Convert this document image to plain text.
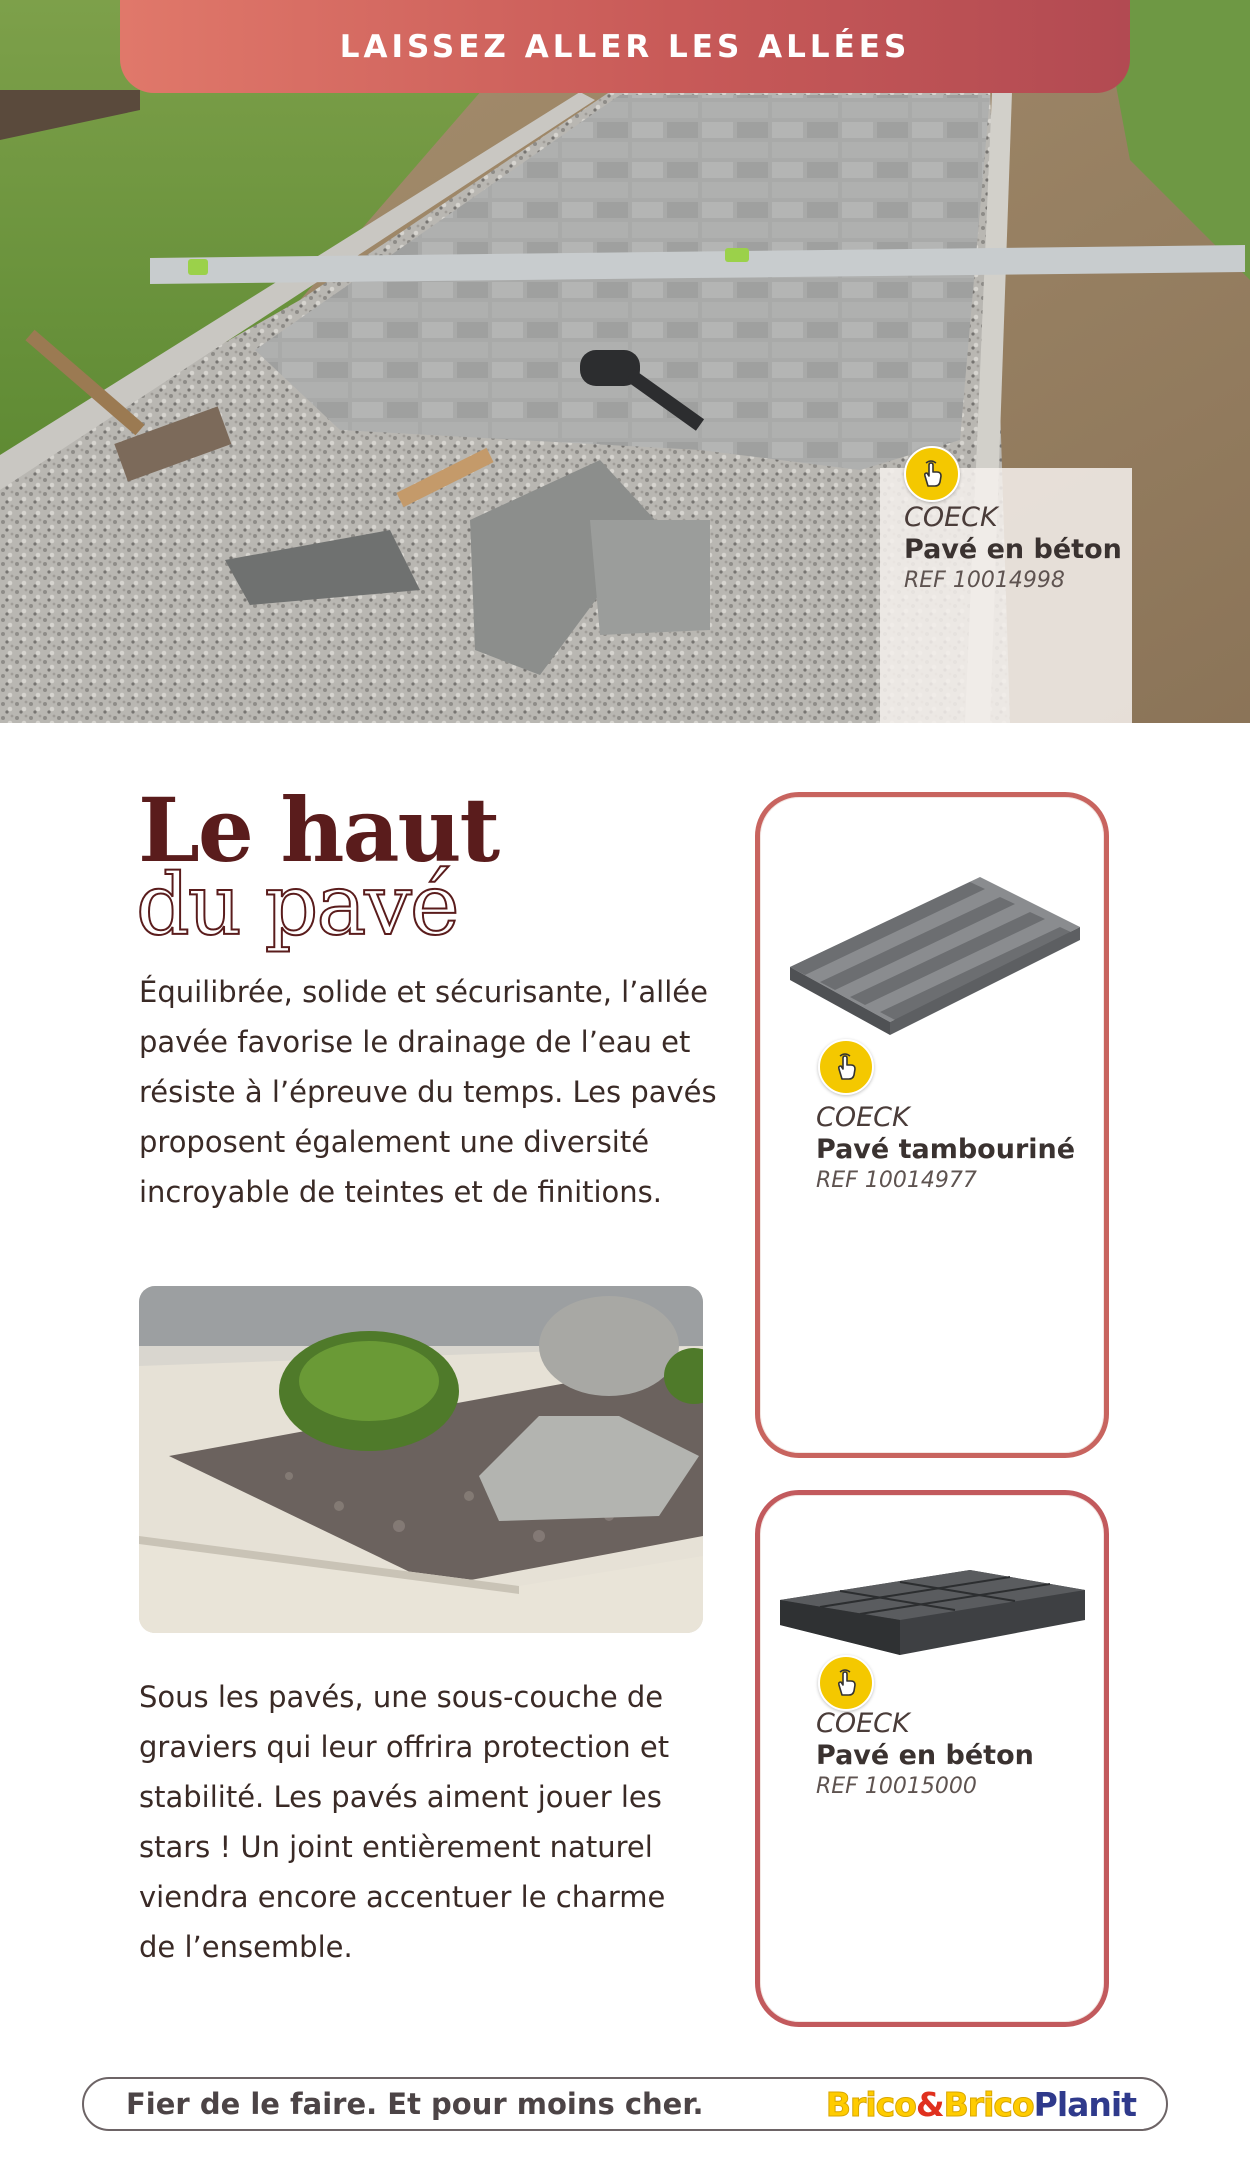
LAISSEZ ALLER LES ALLÉES
COECK
Pavé en béton
REF 10014998
Le haut
du pavé
Équilibrée, solide et sécurisante, l’allée pavée favorise le drainage de l’eau et résiste à l’épreuve du temps. Les pavés proposent également une diversité incroyable de teintes et de finitions.
Sous les pavés, une sous-couche de graviers qui leur offrira protection et stabilité. Les pavés aiment jouer les stars ! Un joint entièrement naturel viendra encore accentuer le charme de l’ensemble.
COECK
Pavé tambouriné
REF 10014977
COECK
Pavé en béton
REF 10015000
Fier de le faire. Et pour moins cher.	Brico&BricoPlanit
